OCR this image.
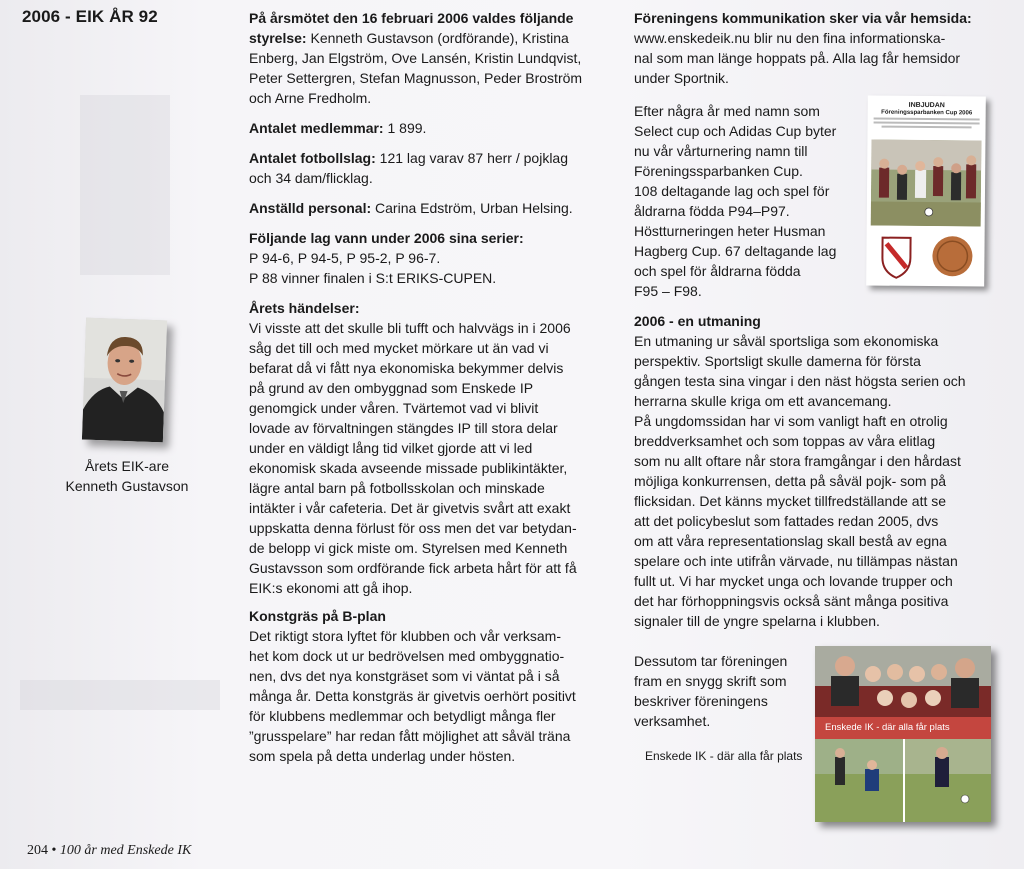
2006 - EIK ÅR 92
Årets EIK-are
Kenneth Gustavson
204 • 100 år med Enskede IK

På årsmötet den 16 februari 2006 valdes följande
styrelse: Kenneth Gustavson (ordförande), Kristina
Enberg, Jan Elgström, Ove Lansén, Kristin Lundqvist,
Peter Settergren, Stefan Magnusson, Peder Broström
och Arne Fredholm.

Antalet medlemmar: 1 899.

Antalet fotbollslag: 121 lag varav 87 herr / pojklag
och 34 dam/flicklag.

Anställd personal: Carina Edström, Urban Helsing.

Följande lag vann under 2006 sina serier:
P 94-6, P 94-5, P 95-2, P 96-7.
P 88 vinner finalen i S:t ERIKS-CUPEN.

Årets händelser:
Vi visste att det skulle bli tufft och halvvägs in i 2006
såg det till och med mycket mörkare ut än vad vi
befarat då vi fått nya ekonomiska bekymmer delvis
på grund av den ombyggnad som Enskede IP
genomgick under våren. Tvärtemot vad vi blivit
lovade av förvaltningen stängdes IP till stora delar
under en väldigt lång tid vilket gjorde att vi led
ekonomisk skada avseende missade publikintäkter,
lägre antal barn på fotbollsskolan och minskade
intäkter i vår cafeteria. Det är givetvis svårt att exakt
uppskatta denna förlust för oss men det var betydan-
de belopp vi gick miste om. Styrelsen med Kenneth
Gustavsson som ordförande fick arbeta hårt för att få
EIK:s ekonomi att gå ihop.

Konstgräs på B-plan
Det riktigt stora lyftet för klubben och vår verksam-
het kom dock ut ur bedrövelsen med ombyggnatio-
nen, dvs det nya konstgräset som vi väntat på i så
många år. Detta konstgräs är givetvis oerhört positivt
för klubbens medlemmar och betydligt många fler
”grusspelare” har redan fått möjlighet att såväl träna
som spela på detta underlag under hösten.

Föreningens kommunikation sker via vår hemsida:
www.enskedeik.nu blir nu den fina informationska-
nal som man länge hoppats på. Alla lag får hemsidor
under Sportnik.

Efter några år med namn som
Select cup och Adidas Cup byter
nu vår vårturnering namn till
Föreningssparbanken Cup.
108 deltagande lag och spel för
åldrarna födda P94–P97.
Höstturneringen heter Husman
Hagberg Cup. 67 deltagande lag
och spel för åldrarna födda
F95 – F98.

2006 - en utmaning
En utmaning ur såväl sportsliga som ekonomiska
perspektiv. Sportsligt skulle damerna för första
gången testa sina vingar i den näst högsta serien och
herrarna skulle kriga om ett avancemang.
På ungdomssidan har vi som vanligt haft en otrolig
breddverksamhet och som toppas av våra elitlag
som nu allt oftare når stora framgångar i den hårdast
möjliga konkurrensen, detta på såväl pojk- som på
flicksidan. Det känns mycket tillfredställande att se
att det policybeslut som fattades redan 2005, dvs
om att våra representationslag skall bestå av egna
spelare och inte utifrån värvade, nu tillämpas nästan
fullt ut. Vi har mycket unga och lovande trupper och
det har förhoppningsvis också sänt många positiva
signaler till de yngre spelarna i klubben.

INBJUDAN
Föreningssparbanken Cup 2006
Dessutom tar föreningen
fram en snygg skrift som
beskriver föreningens
verksamhet.
Enskede IK - där alla får plats
Enskede IK - där alla får plats
